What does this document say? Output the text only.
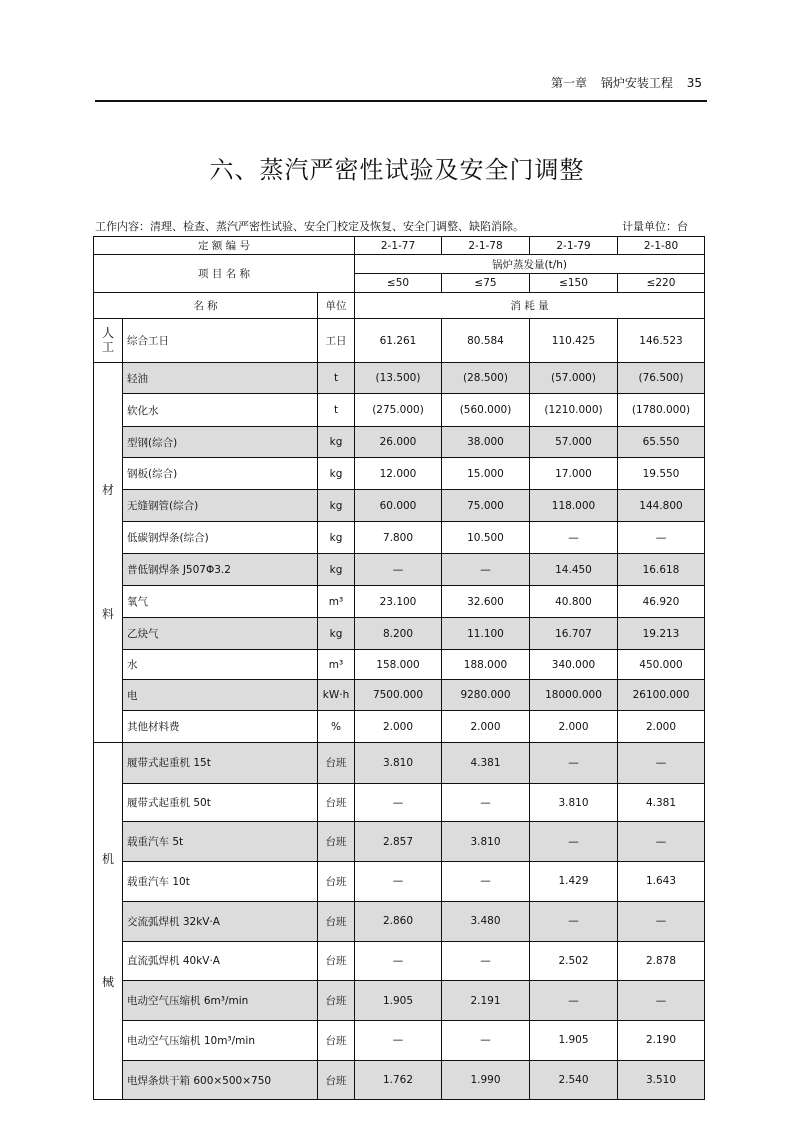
第一章 锅炉安装工程 35
六、蒸汽严密性试验及安全门调整
工作内容：清理、检查、蒸汽严密性试验、安全门校定及恢复、安全门调整、缺陷消除。	计量单位：台
定 额 编 号			2-1-77	2-1-78	2-1-79	2-1-80
项 目 名 称			锅炉蒸发量(t/h)			
			≤50	≤75	≤150	≤220
名 称		单位	消 耗 量			

人
工	综合工日	工日	61.261	80.584	110.425	146.523

材
料	轻油	t	(13.500)	(28.500)	(57.000)	(76.500)
	软化水	t	(275.000)	(560.000)	(1210.000)	(1780.000)
	型钢(综合)	kg	26.000	38.000	57.000	65.550
	钢板(综合)	kg	12.000	15.000	17.000	19.550
	无缝钢管(综合)	kg	60.000	75.000	118.000	144.800
	低碳钢焊条(综合)	kg	7.800	10.500	—	—
	普低钢焊条 J507Φ3.2	kg	—	—	14.450	16.618
	氧气	m³	23.100	32.600	40.800	46.920
	乙炔气	kg	8.200	11.100	16.707	19.213
	水	m³	158.000	188.000	340.000	450.000
	电	kW·h	7500.000	9280.000	18000.000	26100.000
	其他材料费	%	2.000	2.000	2.000	2.000

机
械	履带式起重机 15t	台班	3.810	4.381	—	—
	履带式起重机 50t	台班	—	—	3.810	4.381
	载重汽车 5t	台班	2.857	3.810	—	—
	载重汽车 10t	台班	—	—	1.429	1.643
	交流弧焊机 32kV·A	台班	2.860	3.480	—	—
	直流弧焊机 40kV·A	台班	—	—	2.502	2.878
	电动空气压缩机 6m³/min	台班	1.905	2.191	—	—
	电动空气压缩机 10m³/min	台班	—	—	1.905	2.190
	电焊条烘干箱 600×500×750	台班	1.762	1.990	2.540	3.510
